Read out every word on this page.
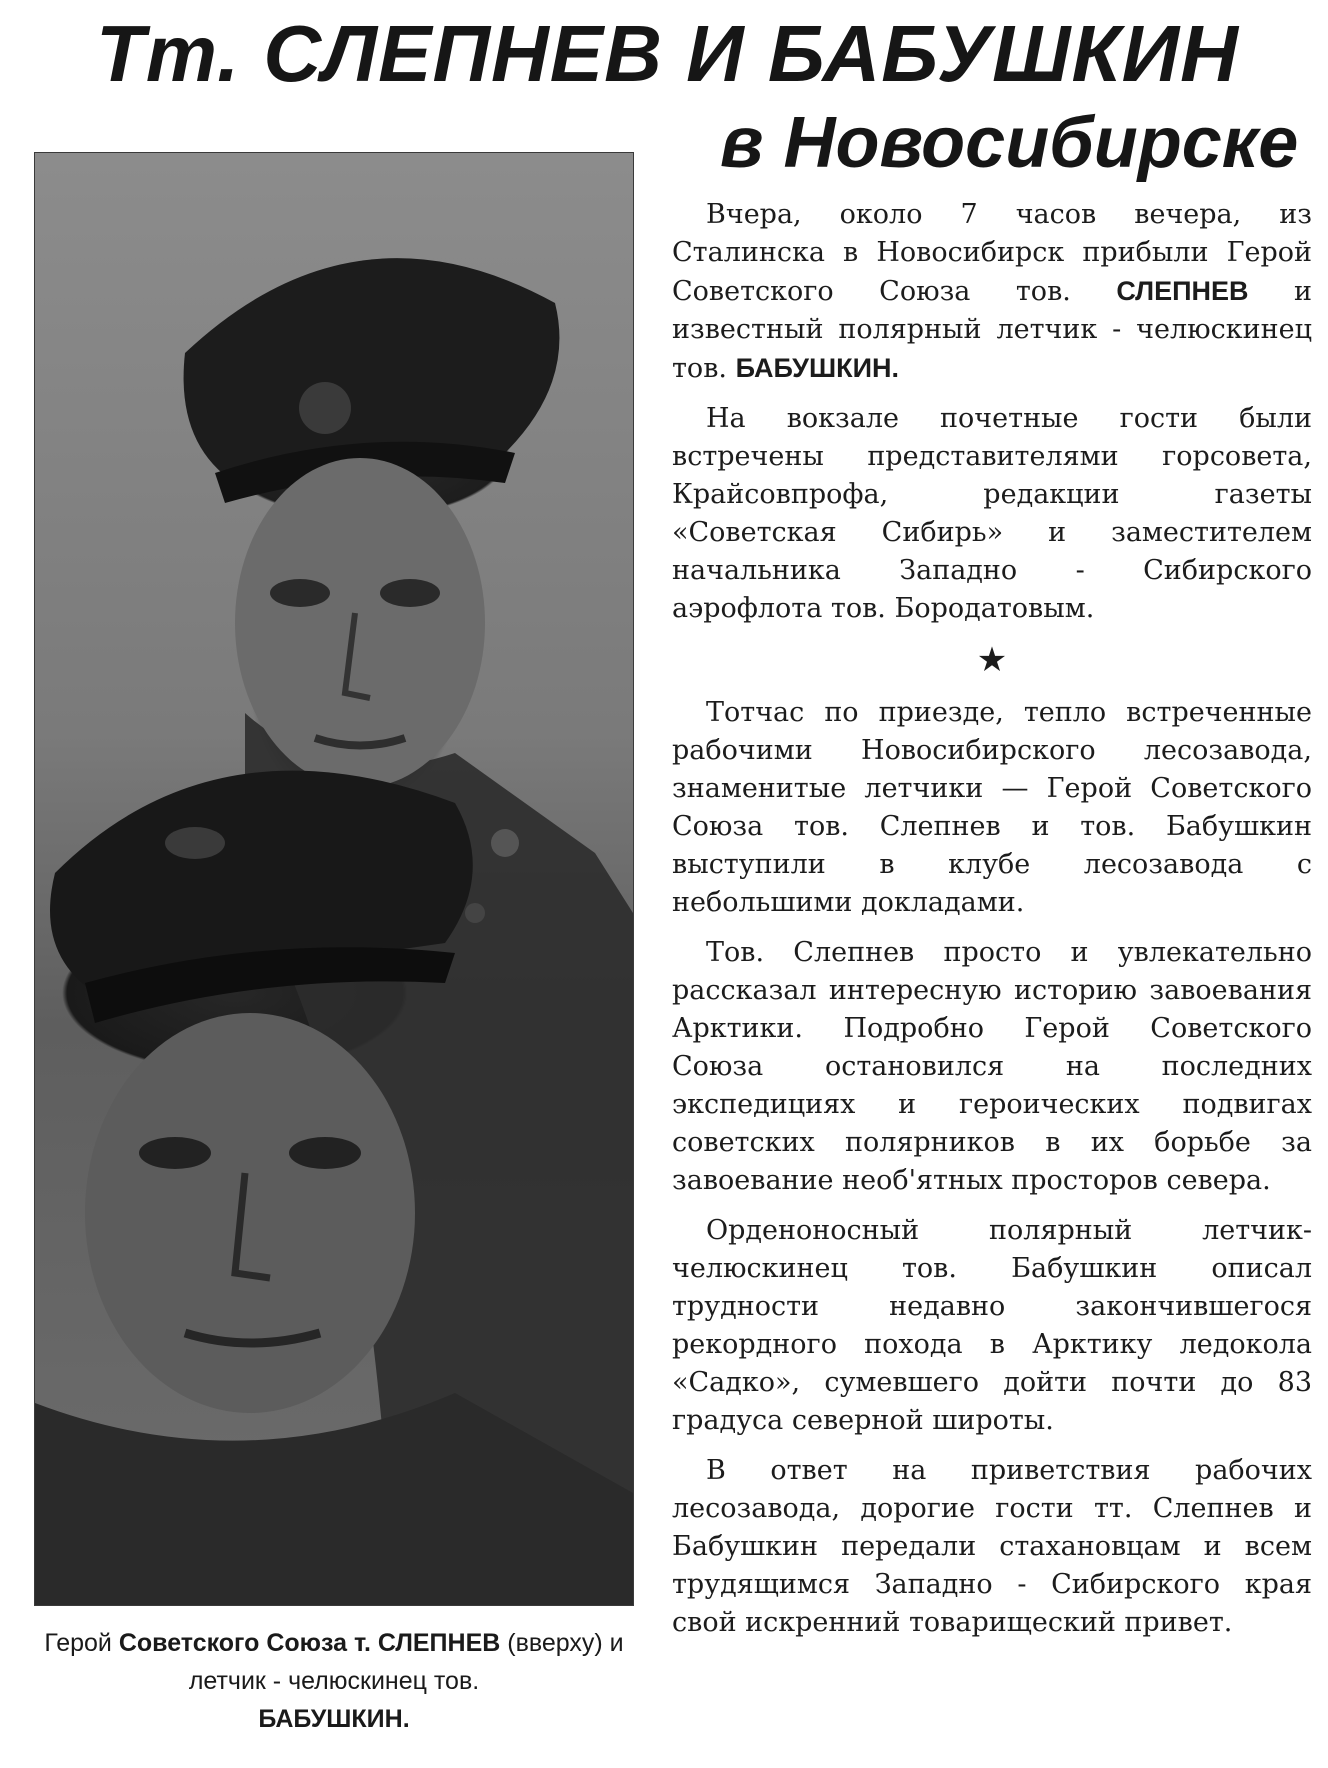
Тт. СЛЕПНЕВ И БАБУШКИН
в Новосибирске

Герой Советского Союза т. СЛЕПНЕВ (вверху) и летчик - челюскинец тов.
БАБУШКИН.

Вчера, около 7 часов вечера, из Сталинска в Новосибирск прибыли Герой Советского Союза тов. СЛЕПНЕВ и известный полярный летчик - челюскинец тов. БАБУШКИН.

На вокзале почетные гости были встречены представителями горсовета, Крайсовпрофа, редакции газеты «Советская Сибирь» и заместителем начальника Западно - Сибирского аэрофлота тов. Бородатовым.

★

Тотчас по приезде, тепло встреченные рабочими Новосибирского лесозавода, знаменитые летчики — Герой Советского Союза тов. Слепнев и тов. Бабушкин выступили в клубе лесозавода с небольшими докладами.

Тов. Слепнев просто и увлекательно рассказал интересную историю завоевания Арктики. Подробно Герой Советского Союза остановился на последних экспедициях и героических подвигах советских полярников в их борьбе за завоевание необ'ятных просторов севера.

Орденоносный полярный летчик-челюскинец тов. Бабушкин описал трудности недавно закончившегося рекордного похода в Арктику ледокола «Садко», сумевшего дойти почти до 83 градуса северной широты.

В ответ на приветствия рабочих лесозавода, дорогие гости тт. Слепнев и Бабушкин передали стахановцам и всем трудящимся Западно - Сибирского края свой искренний товарищеский привет.
